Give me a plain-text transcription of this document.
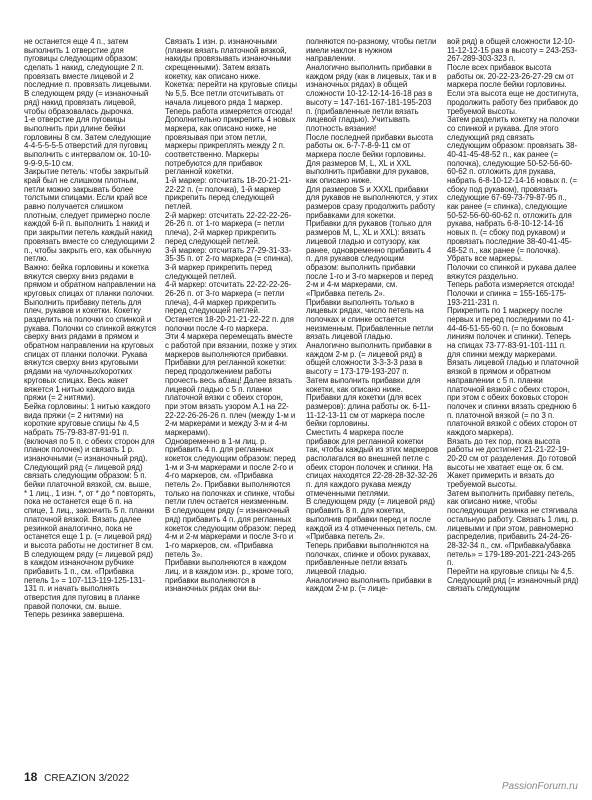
не останется еще 4 п., затем выполнить 1 отверстие для пуговицы следующим образом: сделать 1 накид, следующие 2 п. провязать вместе лицевой и 2 последние п. провязать лицевыми. В следующем ряду (= изнаночный ряд) накид провязать лицевой, чтобы образовалась дырочка.

1-е отверстие для пуговицы выполнить при длине бейки горловины 8 см. Затем следующие 4-4-5-5-5-5 отверстий для пуговиц выполнить с интервалом ок. 10-10-9-9-9,5-10 см.

Закрытие петель: чтобы закрытый край был не слишком плотным, петли можно закрывать более толстыми спицами. Если край все равно получается слишком плотным, следует примерно после каждой 6-й п. выполнить 1 накид и при закрытии петель каждый накид провязать вместе со следующими 2 п., чтобы закрыть его, как обычную петлю.

Важно: бейка горловины и кокетка вяжутся сверху вниз рядами в прямом и обратном направлении на круговых спицах от планки полочки. Выполнить прибавку петель для плеч, рукавов и кокетки. Кокетку разделить на полочки со спинкой и рукава. Полочки со спинкой вяжутся сверху вниз рядами в прямом и обратном направлении на круговых спицах от планки полочки. Рукава вяжутся сверху вниз круговыми рядами на чулочных/коротких круговых спицах. Весь жакет вяжется 1 нитью каждого вида пряжи (= 2 нитями).

Бейка горловины: 1 нитью каждого вида пряжи (= 2 нитями) на короткие круговые спицы № 4,5 набрать 75-79-83-87-91-91 п. (включая по 5 п. с обеих сторон для планок полочек) и связать 1 р. изнаночными (= изнаночный ряд). Следующий ряд (= лицевой ряд) связать следующим образом: 5 п. бейки платочной вязкой, см. выше, * 1 лиц., 1 изн. *, от * до * повторять, пока не останется еще 6 п. на спице, 1 лиц., закончить 5 п. планки платочной вязкой. Вязать далее резинкой аналогично, пока не останется еще 1 р. (= лицевой ряд) и высота работы не достигнет 8 см.

В следующем ряду (= лицевой ряд) в каждом изнаночном рубчике прибавить 1 п., см. «Прибавка петель 1» = 107-113-119-125-131-131 п. и начать выполнять отверстия для пуговиц в планке правой полочки, см. выше.

Теперь резинка завершена.

Связать 1 изн. р. изнаночными (планки вязать платочной вязкой, накиды провязывать изнаночными скрещенными). Затем вязать кокетку, как описано ниже.

Кокетка: перейти на круговые спицы № 5,5. Все петли отсчитывать от начала лицевого ряда 1 маркер.

Теперь работа измеряется отсюда!

Дополнительно прикрепить 4 новых маркера, как описано ниже, не провязывая при этом петли, маркеры прикреплять между 2 п. соответственно. Маркеры потребуются для прибавок регланной кокетки.

1-й маркер: отсчитать 18-20-21-21-22-22 п. (= полочка), 1-й маркер прикрепить перед следующей петлей.

2-й маркер: отсчитать 22-22-22-26-26-26 п. от 1-го маркера (= петли плеча), 2-й маркер прикрепить перед следующей петлей.

3-й маркер: отсчитать 27-29-31-33-35-35 п. от 2-го маркера (= спинка), 3-й маркер прикрепить перед следующей петлей.

4-й маркер: отсчитать 22-22-22-26-26-26 п. от 3-го маркера (= петли плеча), 4-й маркер прикрепить перед следующей петлей.

Останется 18-20-21-21-22-22 п. для полочки после 4-го маркера.

Эти 4 маркера перемещать вместе с работой при вязании, позже у этих маркеров выполняются прибавки.

Прибавки для регланной кокетки: перед продолжением работы прочесть весь абзац! Далее вязать лицевой гладью с 5 п. планки платочной вязки с обеих сторон, при этом вязать узором А.1 на 22-22-22-26-26-26 п. плеч (между 1-м и 2-м маркерами и между 3-м и 4-м маркерами).

Одновременно в 1-м лиц. р. прибавить 4 п. для регланных кокеток следующим образом: перед 1-м и 3-м маркерами и после 2-го и 4-го маркеров, см. «Прибавка петель 2». Прибавки выполняются только на полочках и спинке, чтобы петли плеч остается неизменным.

В следующем ряду (= изнаночный ряд) прибавить 4 п. для регланных кокеток следующим образом: перед 4-м и 2-м маркерами и после 3-го и 1-го маркеров, см. «Прибавка петель 3».

Прибавки выполняются в каждом лиц. и в каждом изн. р., кроме того, прибавки выполняются в изнаночных рядах они вы-

полняются по-разному, чтобы петли имели наклон в нужном направлении.

Аналогично выполнить прибавки в каждом ряду (как в лицевых, так и в изнаночных рядах) в общей сложности 10-12-12-14-16-18 раз в высоту = 147-161-167-181-195-203 п. (прибавленные петли вязать лицевой гладью). Учитывать плотность вязания!

После последней прибавки высота работы ок. 6-7-7-8-9-11 см от маркера после бейки горловины.

Для размеров M, L, XL и XXL выполнить прибавки для рукавов, как описано ниже.

Для размеров S и XXXL прибавки для рукавов не выполняются, у этих размеров сразу продолжить работу прибавками для кокетки.

Прибавки для рукавов (только для размеров M, L, XL и XXL): вязать лицевой гладью и сотузору, как ранее, одновременно прибавить 4 п. для рукавов следующим образом: выполнить прибавки после 1-го и 3-го маркеров и перед 2-м и 4-м маркерами, см. «Прибавка петель 2».

Прибавки выполнять только в лицевых рядах, число петель на полочках и спинке остается неизменным. Прибавленные петли вязать лицевой гладью.

Аналогично выполнить прибавки в каждом 2-м р. (= лицевой ряд) в общей сложности 3-3-3-3 раза в высоту = 173-179-193-207 п.

Затем выполнить прибавки для кокетки, как описано ниже.

Прибавки для кокетки (для всех размеров): длина работы ок. 6-11-11-12-13-11 см от маркера после бейки горловины.

Сместить 4 маркера после прибавок для регланной кокетки так, чтобы каждый из этих маркеров располагался во внешней петле с обеих сторон полочек и спинки. На спицах находятся 22-28-28-32-32-26 п. для каждого рукава между отмеченными петлями.

В следующем ряду (= лицевой ряд) прибавить 8 п. для кокетки, выполнив прибавки перед и после каждой из 4 отмеченных петель, см. «Прибавка петель 2».

Теперь прибавки выполняются на полочках, спинке и обоих рукавах, прибавленные петли вязать лицевой гладью.

Аналогично выполнить прибавки в каждом 2-м р. (= лице-

вой ряд) в общей сложности 12-10-11-12-12-15 раз в высоту = 243-253-267-289-303-323 п.

После всех прибавок высота работы ок. 20-22-23-26-27-29 см от маркера после бейки горловины. Если эта высота еще не достигнута, продолжить работу без прибавок до требуемой высоты.

Затем разделить кокетку на полочки со спинкой и рукава. Для этого следующий ряд связать следующим образом: провязать 38-40-41-45-48-52 п., как ранее (= полочка), следующие 50-52-56-60-60-62 п. отложить для рукава, набрать 6-8-10-12-14-16 новых п. (= сбоку под рукавом), провязать следующие 67-69-73-79-87-95 п., как ранее (= спинка), следующие 50-52-56-60-60-62 п. отложить для рукава, набрать 6-8-10-12-14-16 новых п. (= сбоку под рукавом) и провязать последние 38-40-41-45-48-52 п., как ранее (= полочка).

Убрать все маркеры.

Полочки со спинкой и рукава далее вяжутся раздельно.

Теперь работа измеряется отсюда!

Полочки и спинка = 155-165-175-193-211-231 п.

Прикрепить по 1 маркеру после первых и перед последними по 41-44-46-51-55-60 п. (= по боковым линиям полочек и спинки). Теперь на спицах 73-77-83-91-101-111 п. для спинки между маркерами.

Вязать лицевой гладью и платочной вязкой в прямом и обратном направлении с 5 п. планки платочной вязкой с обеих сторон, при этом с обеих боковых сторон полочек и спинки вязать среднюю 6 п. платочной вязкой (= по 3 п. платочной вязкой с обеих сторон от каждого маркера).

Вязать до тех пор, пока высота работы не достигнет 21-21-22-19-20-20 см от разделения. До готовой высоты не хватает еще ок. 6 см. Жакет примерить и вязать до требуемой высоты.

Затем выполнить прибавку петель, как описано ниже, чтобы последующая резинка не стягивала остальную работу. Связать 1 лиц. р. лицевыми и при этом, равномерно распределив, прибавить 24-24-26-28-32-34 п., см. «Прибавка/убавка петель» = 179-189-201-221-243-265 п.

Перейти на круговые спицы № 4,5.

Следующий ряд (= изнаночный ряд) связать следующим

18 CREAZION 3/2022
PassionForum.ru
